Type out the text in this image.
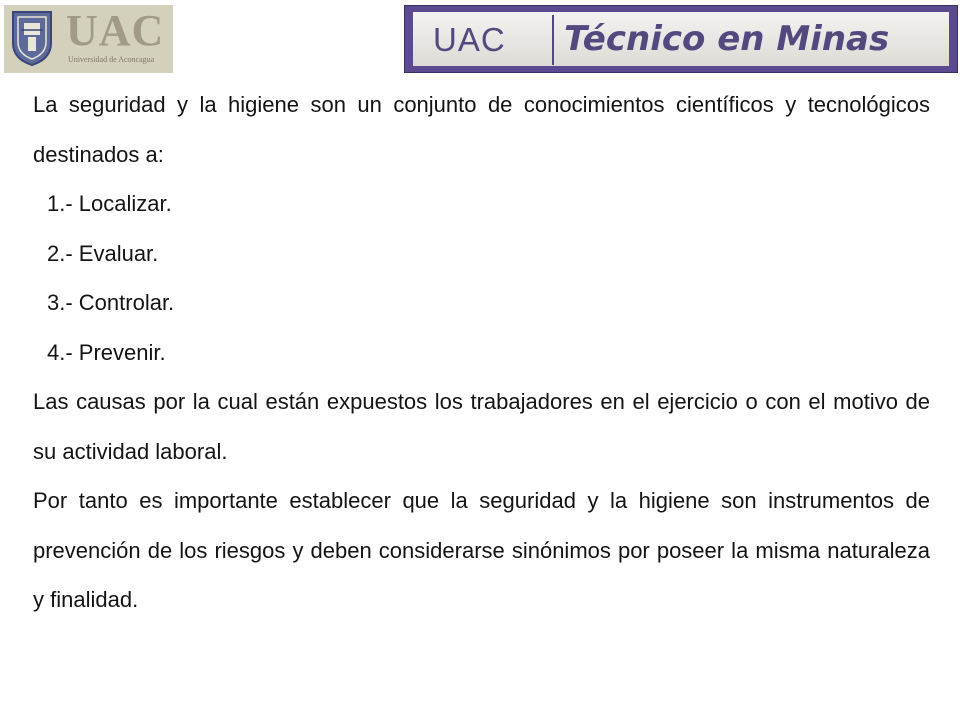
UAC
Universidad de Aconcagua
UAC Técnico en Minas

La seguridad y la higiene son un conjunto de conocimientos científicos y tecnológicos destinados a:

1.- Localizar.
2.- Evaluar.
3.- Controlar.
4.- Prevenir.

Las causas por la cual están expuestos los trabajadores en el ejercicio o con el motivo de su actividad laboral.

Por tanto es importante establecer que la seguridad y la higiene son instrumentos de prevención de los riesgos y deben considerarse sinónimos por poseer la misma naturaleza y finalidad.
